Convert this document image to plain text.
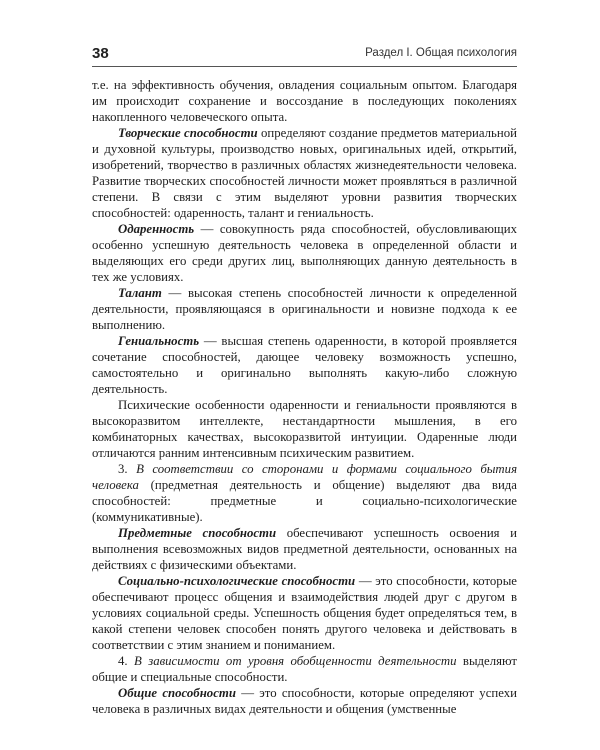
38	Раздел I. Общая психология

т.е. на эффективность обучения, овладения социальным опытом. Благодаря им происходит сохранение и воссоздание в последующих поколениях накопленного человеческого опыта.

Творческие способности определяют создание предметов материальной и духовной культуры, производство новых, оригинальных идей, открытий, изобретений, творчество в различных областях жизнедеятельности человека. Развитие творческих способностей личности может проявляться в различной степени. В связи с этим выделяют уровни развития творческих способностей: одаренность, талант и гениальность.

Одаренность — совокупность ряда способностей, обусловливающих особенно успешную деятельность человека в определенной области и выделяющих его среди других лиц, выполняющих данную деятельность в тех же условиях.

Талант — высокая степень способностей личности к определенной деятельности, проявляющаяся в оригинальности и новизне подхода к ее выполнению.

Гениальность — высшая степень одаренности, в которой проявляется сочетание способностей, дающее человеку возможность успешно, самостоятельно и оригинально выполнять какую-либо сложную деятельность.

Психические особенности одаренности и гениальности проявляются в высокоразвитом интеллекте, нестандартности мышления, в его комбинаторных качествах, высокоразвитой интуиции. Одаренные люди отличаются ранним интенсивным психическим развитием.

3. В соответствии со сторонами и формами социального бытия человека (предметная деятельность и общение) выделяют два вида способностей: предметные и социально-психологические (коммуникативные).

Предметные способности обеспечивают успешность освоения и выполнения всевозможных видов предметной деятельности, основанных на действиях с физическими объектами.

Социально-психологические способности — это способности, которые обеспечивают процесс общения и взаимодействия людей друг с другом в условиях социальной среды. Успешность общения будет определяться тем, в какой степени человек способен понять другого человека и действовать в соответствии с этим знанием и пониманием.

4. В зависимости от уровня обобщенности деятельности выделяют общие и специальные способности.

Общие способности — это способности, которые определяют успехи человека в различных видах деятельности и общения (умственные
